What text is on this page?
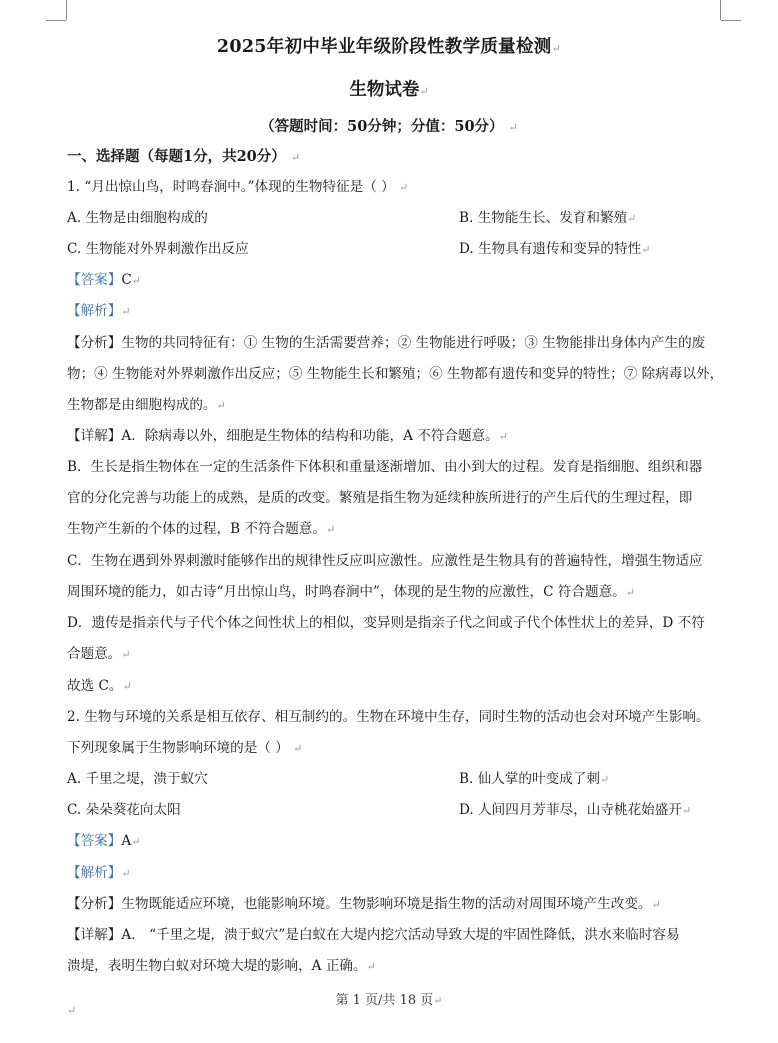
2025年初中毕业年级阶段性教学质量检测↵
生物试卷↵
（答题时间：50分钟；分值：50分） ↵
一、选择题（每题1分，共20分） ↵
1. “月出惊山鸟，时鸣春涧中。”体现的生物特征是（ ） ↵
A. 生物是由细胞构成的	B. 生物能生长、发育和繁殖↵
C. 生物能对外界刺激作出反应	D. 生物具有遗传和变异的特性↵
【答案】C↵
【解析】↵
【分析】生物的共同特征有：① 生物的生活需要营养；② 生物能进行呼吸；③ 生物能排出身体内产生的废
物；④ 生物能对外界刺激作出反应；⑤ 生物能生长和繁殖；⑥ 生物都有遗传和变异的特性；⑦ 除病毒以外，
生物都是由细胞构成的。↵
【详解】A．除病毒以外，细胞是生物体的结构和功能，A 不符合题意。↵
B．生长是指生物体在一定的生活条件下体积和重量逐渐增加、由小到大的过程。发育是指细胞、组织和器
官的分化完善与功能上的成熟，是质的改变。繁殖是指生物为延续种族所进行的产生后代的生理过程，即
生物产生新的个体的过程，B 不符合题意。↵
C．生物在遇到外界刺激时能够作出的规律性反应叫应激性。应激性是生物具有的普遍特性，增强生物适应
周围环境的能力，如古诗“月出惊山鸟，时鸣春涧中”，体现的是生物的应激性，C 符合题意。↵
D．遗传是指亲代与子代个体之间性状上的相似，变异则是指亲子代之间或子代个体性状上的差异，D 不符
合题意。↵
故选 C。↵
2. 生物与环境的关系是相互依存、相互制约的。生物在环境中生存，同时生物的活动也会对环境产生影响。
下列现象属于生物影响环境的是（ ） ↵
A. 千里之堤，溃于蚁穴	B. 仙人掌的叶变成了刺↵
C. 朵朵葵花向太阳	D. 人间四月芳菲尽，山寺桃花始盛开↵
【答案】A↵
【解析】↵
【分析】生物既能适应环境，也能影响环境。生物影响环境是指生物的活动对周围环境产生改变。↵
【详解】A． “千里之堤，溃于蚁穴”是白蚁在大堤内挖穴活动导致大堤的牢固性降低，洪水来临时容易
溃堤，表明生物白蚁对环境大堤的影响，A 正确。↵
第 1 页/共 18 页↵
↵
